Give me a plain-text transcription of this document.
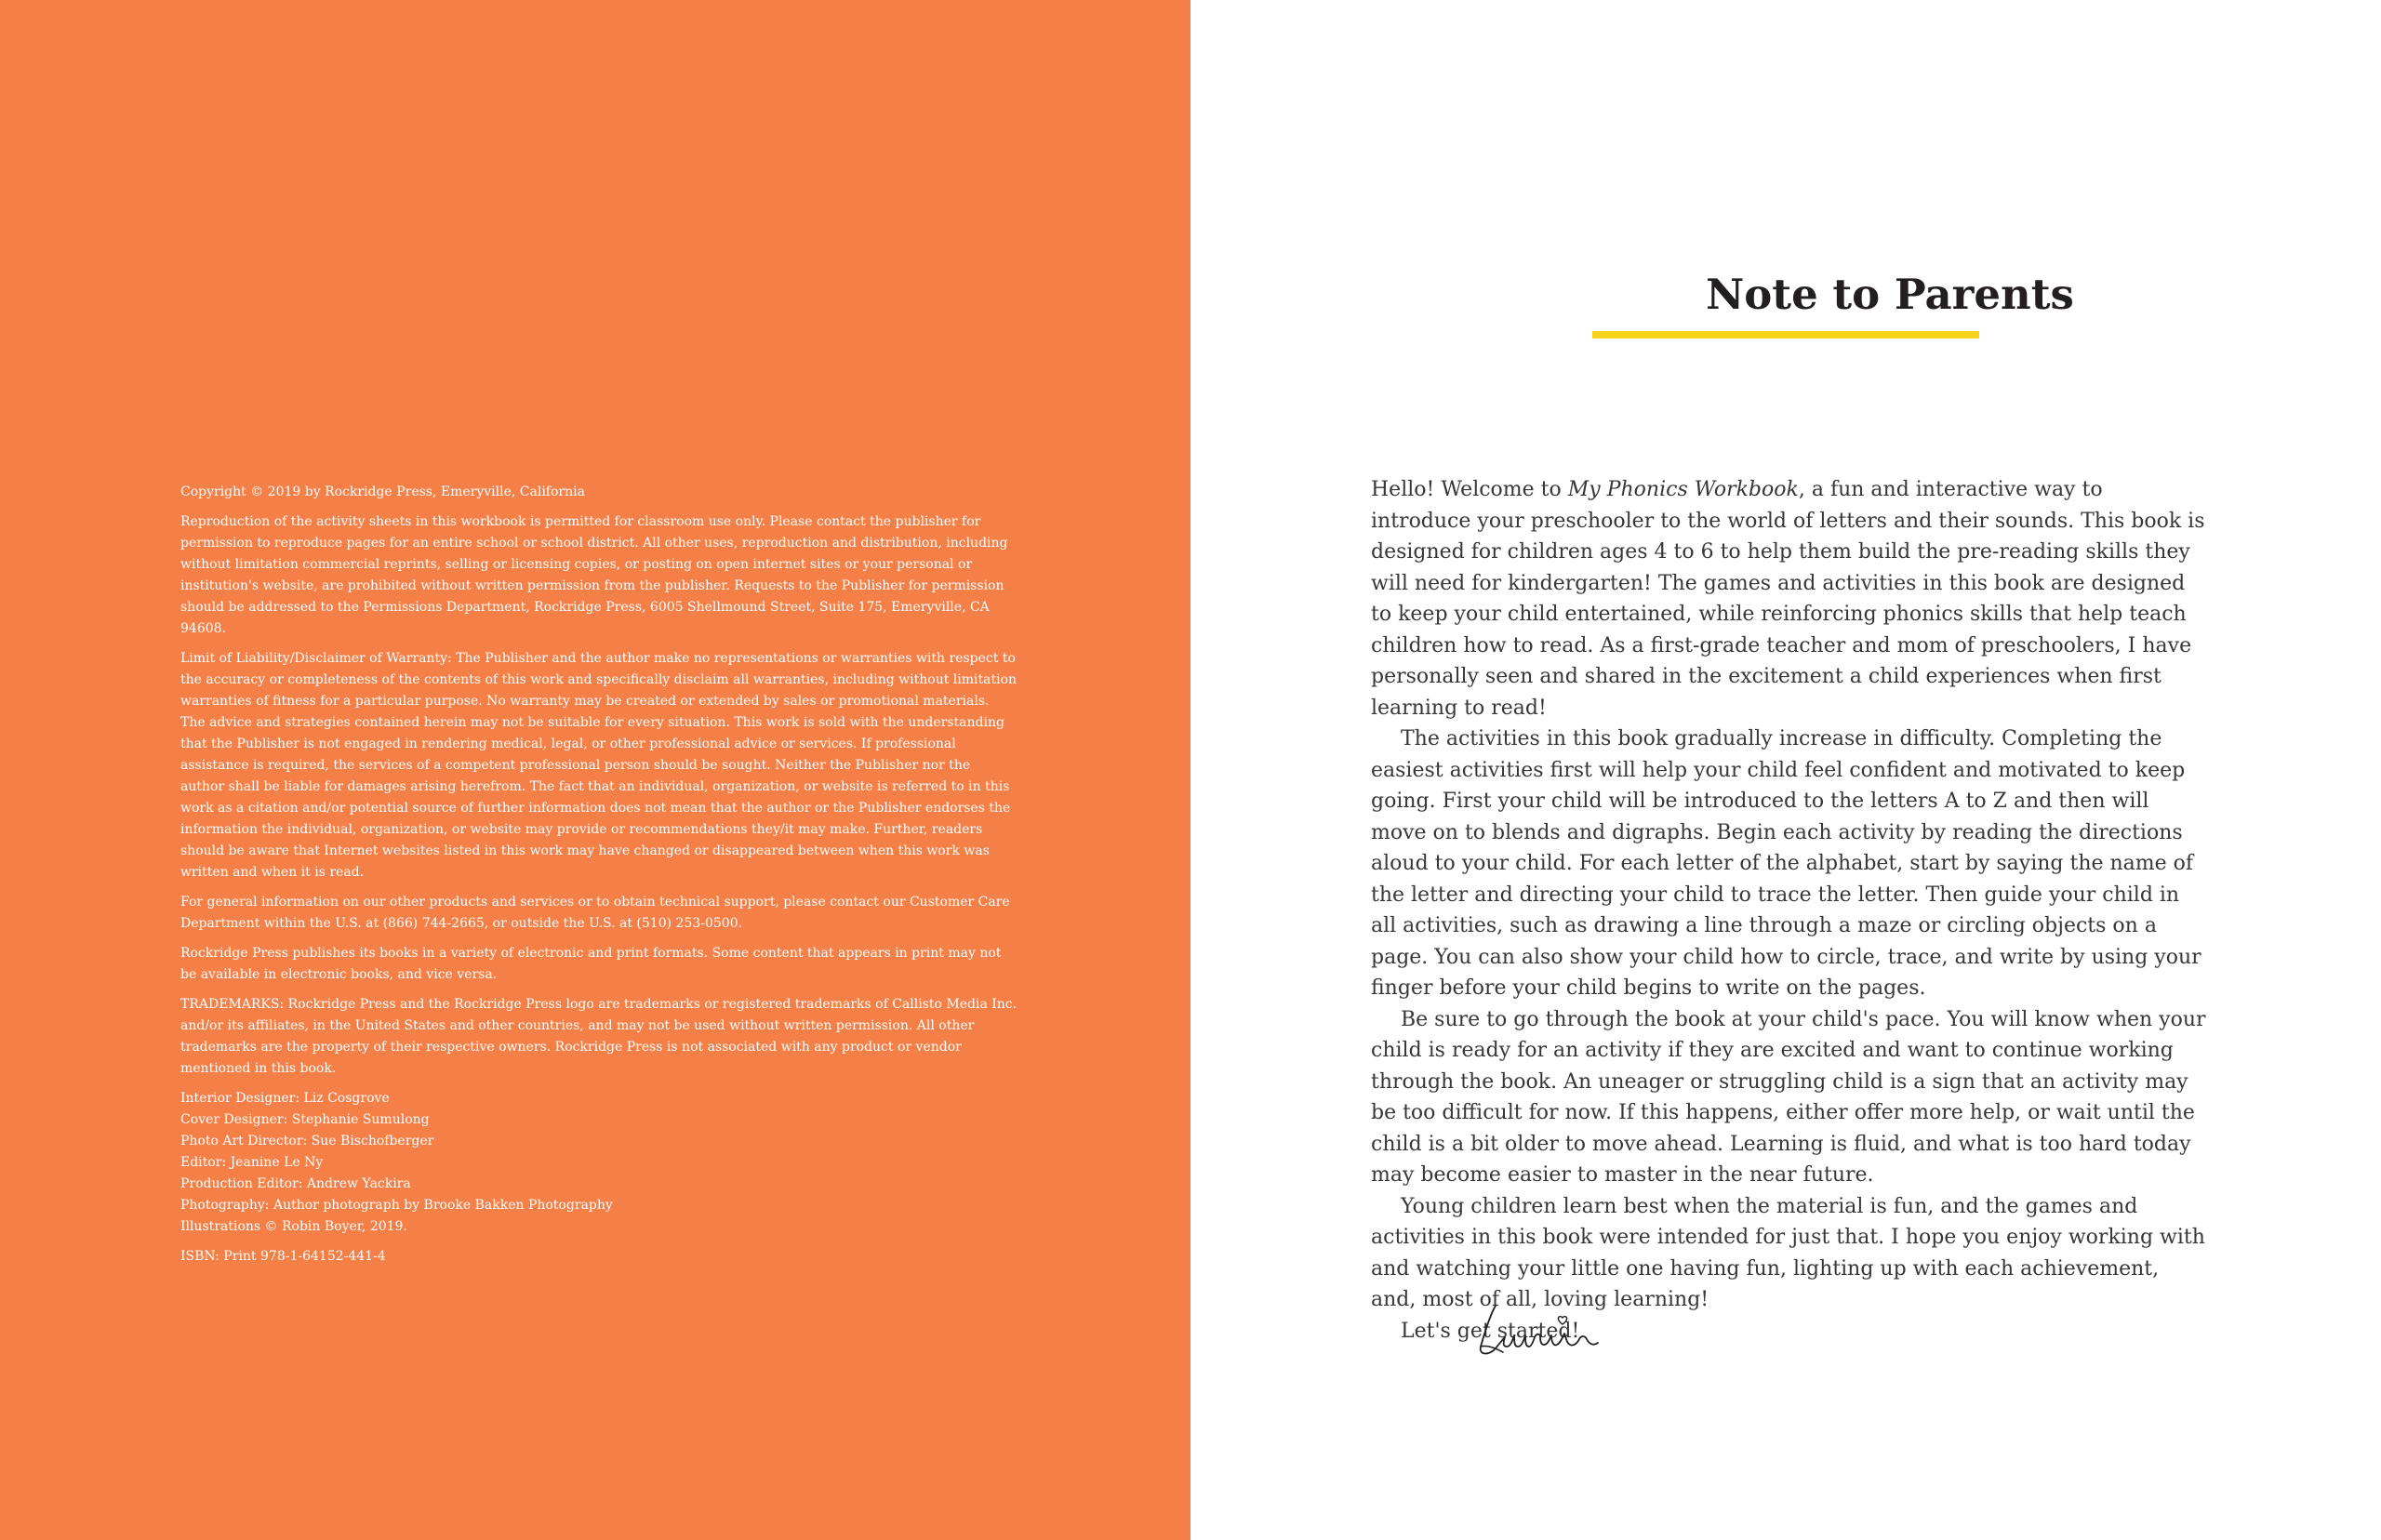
Copyright © 2019 by Rockridge Press, Emeryville, California

Reproduction of the activity sheets in this workbook is permitted for classroom use only. Please contact the publisher for permission to reproduce pages for an entire school or school district. All other uses, reproduction and distribution, including without limitation commercial reprints, selling or licensing copies, or posting on open internet sites or your personal or institution's website, are prohibited without written permission from the publisher. Requests to the Publisher for permission should be addressed to the Permissions Department, Rockridge Press, 6005 Shellmound Street, Suite 175, Emeryville, CA 94608.

Limit of Liability/Disclaimer of Warranty: The Publisher and the author make no representations or warranties with respect to the accuracy or completeness of the contents of this work and specifically disclaim all warranties, including without limitation warranties of fitness for a particular purpose. No warranty may be created or extended by sales or promotional materials. The advice and strategies contained herein may not be suitable for every situation. This work is sold with the understanding that the Publisher is not engaged in rendering medical, legal, or other professional advice or services. If professional assistance is required, the services of a competent professional person should be sought. Neither the Publisher nor the author shall be liable for damages arising herefrom. The fact that an individual, organization, or website is referred to in this work as a citation and/or potential source of further information does not mean that the author or the Publisher endorses the information the individual, organization, or website may provide or recommendations they/it may make. Further, readers should be aware that Internet websites listed in this work may have changed or disappeared between when this work was written and when it is read.

For general information on our other products and services or to obtain technical support, please contact our Customer Care Department within the U.S. at (866) 744-2665, or outside the U.S. at (510) 253-0500.

Rockridge Press publishes its books in a variety of electronic and print formats. Some content that appears in print may not be available in electronic books, and vice versa.

TRADEMARKS: Rockridge Press and the Rockridge Press logo are trademarks or registered trademarks of Callisto Media Inc. and/or its affiliates, in the United States and other countries, and may not be used without written permission. All other trademarks are the property of their respective owners. Rockridge Press is not associated with any product or vendor mentioned in this book.

Interior Designer: Liz Cosgrove
Cover Designer: Stephanie Sumulong
Photo Art Director: Sue Bischofberger
Editor: Jeanine Le Ny
Production Editor: Andrew Yackira
Photography: Author photograph by Brooke Bakken Photography
Illustrations © Robin Boyer, 2019.

ISBN: Print 978-1-64152-441-4

Note to Parents

Hello! Welcome to My Phonics Workbook, a fun and interactive way to introduce your preschooler to the world of letters and their sounds. This book is designed for children ages 4 to 6 to help them build the pre-reading skills they will need for kindergarten! The games and activities in this book are designed to keep your child entertained, while reinforcing phonics skills that help teach children how to read. As a first-grade teacher and mom of preschoolers, I have personally seen and shared in the excitement a child experiences when first learning to read!

The activities in this book gradually increase in difficulty. Completing the easiest activities first will help your child feel confident and motivated to keep going. First your child will be introduced to the letters A to Z and then will move on to blends and digraphs. Begin each activity by reading the directions aloud to your child. For each letter of the alphabet, start by saying the name of the letter and directing your child to trace the letter. Then guide your child in all activities, such as drawing a line through a maze or circling objects on a page. You can also show your child how to circle, trace, and write by using your finger before your child begins to write on the pages.

Be sure to go through the book at your child's pace. You will know when your child is ready for an activity if they are excited and want to continue working through the book. An uneager or struggling child is a sign that an activity may be too difficult for now. If this happens, either offer more help, or wait until the child is a bit older to move ahead. Learning is fluid, and what is too hard today may become easier to master in the near future.

Young children learn best when the material is fun, and the games and activities in this book were intended for just that. I hope you enjoy working with and watching your little one having fun, lighting up with each achievement, and, most of all, loving learning!

Let's get started!
